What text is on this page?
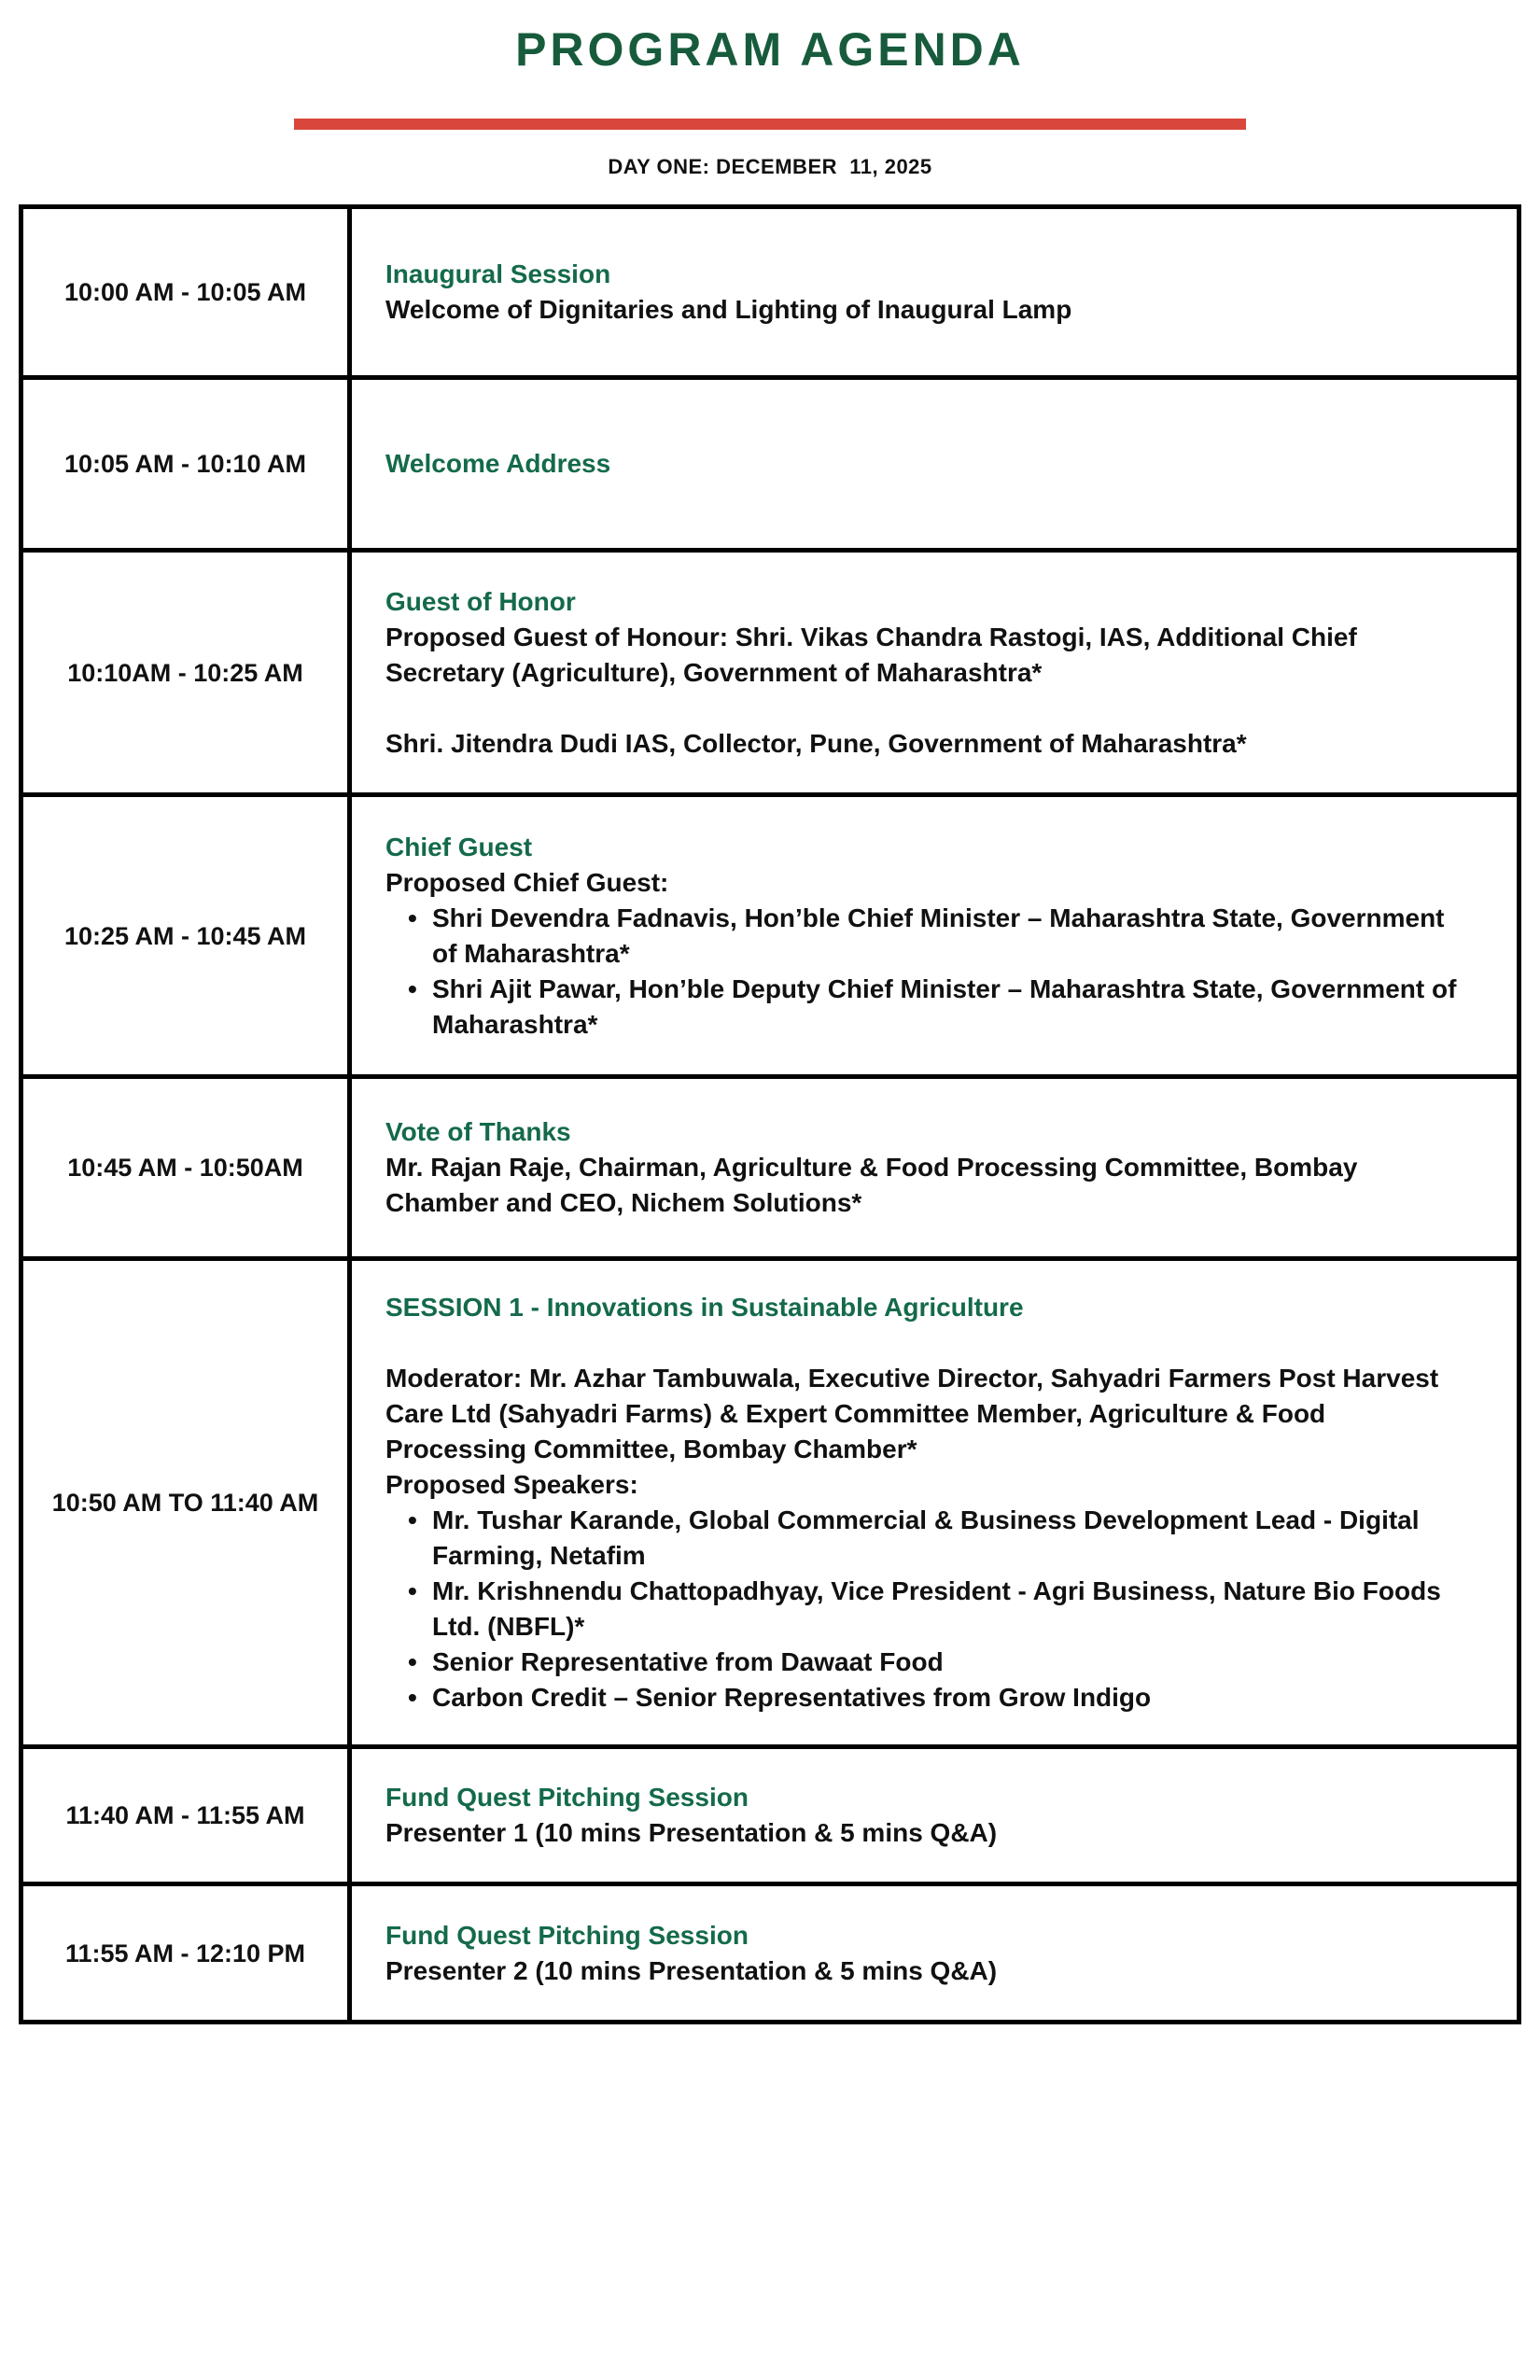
PROGRAM AGENDA
DAY ONE: DECEMBER  11, 2025
10:00 AM - 10:05 AM	Inaugural Session

Welcome of Dignitaries and Lighting of Inaugural Lamp

10:05 AM - 10:10 AM	Welcome Address

10:10AM - 10:25 AM	Guest of Honor

Proposed Guest of Honour: Shri. Vikas Chandra Rastogi, IAS, Additional Chief Secretary (Agriculture), Government of Maharashtra*

Shri. Jitendra Dudi IAS, Collector, Pune, Government of Maharashtra*

10:25 AM - 10:45 AM	
Chief Guest

Proposed Chief Guest:

• Shri Devendra Fadnavis, Hon’ble Chief Minister – Maharashtra State, Government of Maharashtra*
• Shri Ajit Pawar, Hon’ble Deputy Chief Minister – Maharashtra State, Government of Maharashtra*

10:45 AM - 10:50AM	Vote of Thanks

Mr. Rajan Raje, Chairman, Agriculture & Food Processing Committee, Bombay Chamber and CEO, Nichem Solutions*

10:50 AM TO 11:40 AM	
SESSION 1 - Innovations in Sustainable Agriculture

Moderator: Mr. Azhar Tambuwala, Executive Director, Sahyadri Farmers Post Harvest Care Ltd (Sahyadri Farms) & Expert Committee Member, Agriculture & Food Processing Committee, Bombay Chamber*

Proposed Speakers:

• Mr. Tushar Karande, Global Commercial & Business Development Lead - Digital Farming, Netafim
• Mr. Krishnendu Chattopadhyay, Vice President - Agri Business, Nature Bio Foods Ltd. (NBFL)*
• Senior Representative from Dawaat Food
• Carbon Credit – Senior Representatives from Grow Indigo

11:40 AM - 11:55 AM	Fund Quest Pitching Session

Presenter 1 (10 mins Presentation & 5 mins Q&A)

11:55 AM - 12:10 PM	Fund Quest Pitching Session

Presenter 2 (10 mins Presentation & 5 mins Q&A)
